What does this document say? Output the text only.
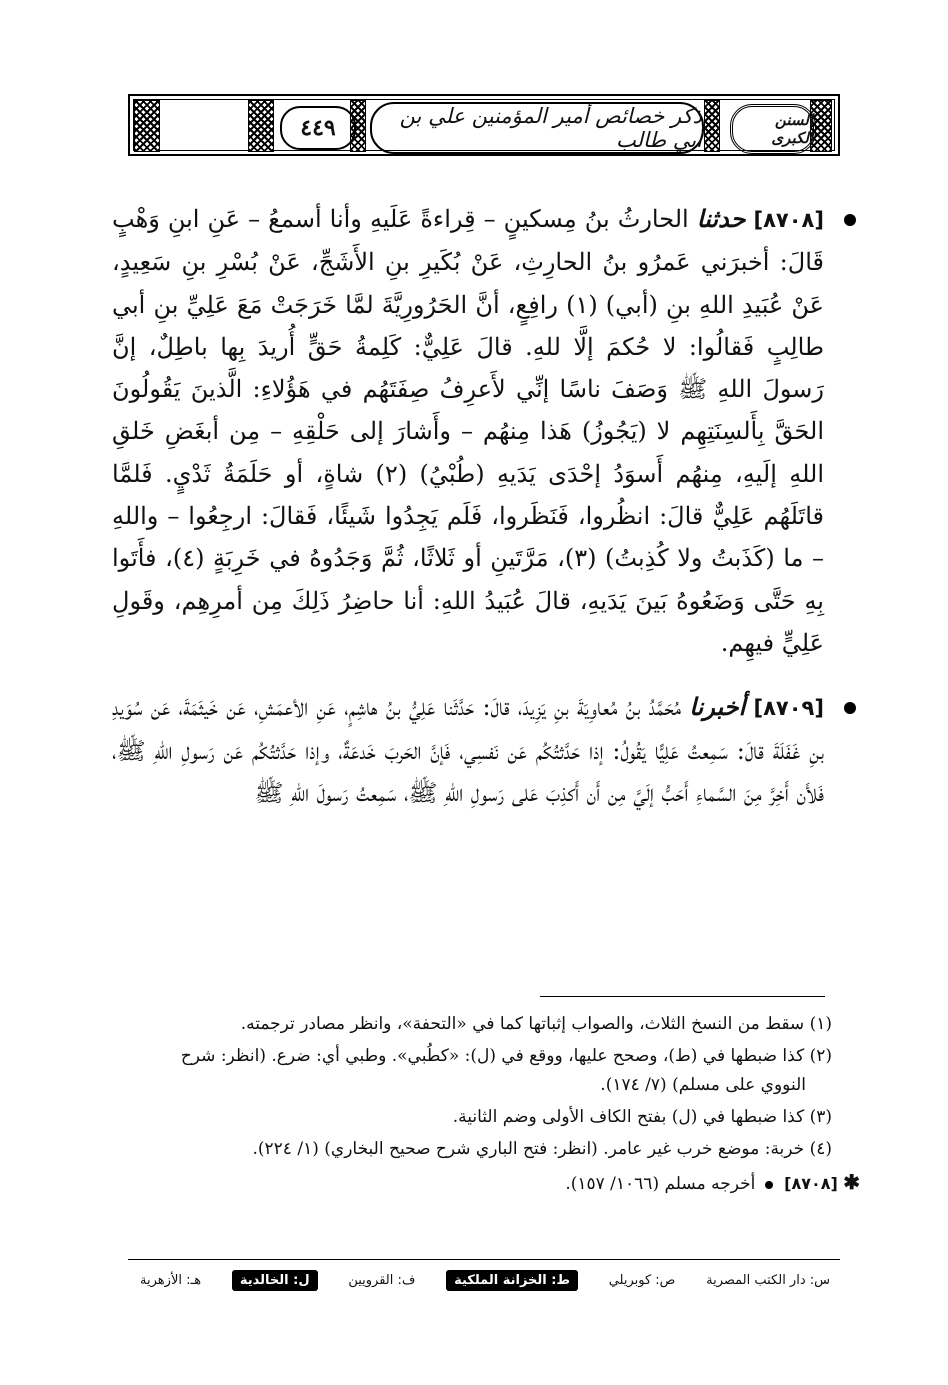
٤٤٩	ذكر خصائص أمير المؤمنين علي بن أبي طالب
السنن الكبرى

[٨٧٠٨] حدثنا الحارثُ بنُ مِسكينٍ – قِراءةً عَلَيهِ وأنا أسمعُ – عَنِ ابنِ وَهْبٍ قَالَ: أخبرَني عَمرُو بنُ الحارِثِ، عَنْ بُكَيرِ بنِ الأَشَجِّ، عَنْ بُسْرِ بنِ سَعِيدٍ، عَنْ عُبَيدِ اللهِ بنِ (أبي) (١) رافِعٍ، أنَّ الحَرُورِيَّةَ لمَّا خَرَجَتْ مَعَ عَلِيِّ بنِ أبي طالِبٍ فَقالُوا: لا حُكمَ إلَّا للهِ. قالَ عَلِيٌّ: كَلِمةُ حَقٍّ أُريدَ بِها باطِلٌ، إنَّ رَسولَ اللهِ ﷺ وَصَفَ ناسًا إنِّي لأَعرِفُ صِفَتَهُم في هَؤُلاءِ: الَّذينَ يَقُولُونَ الحَقَّ بِأَلسِنَتِهِم لا (يَجُوزُ) هَذا مِنهُم – وأَشارَ إلى حَلْقِهِ – مِن أبغَضِ خَلقِ اللهِ إلَيهِ، مِنهُم أَسوَدُ إحْدَى يَدَيهِ (طُبْيُ) (٢) شاةٍ، أو حَلَمَةُ ثَدْيٍ. فَلمَّا قاتَلَهُم عَلِيٌّ قالَ: انظُروا، فَنَظَروا، فَلَم يَجِدُوا شَيئًا، فَقالَ: ارجِعُوا – واللهِ – ما (كَذَبتُ ولا كُذِبتُ) (٣)، مَرَّتَينِ أو ثَلاثًا، ثُمَّ وَجَدُوهُ في خَرِبَةٍ (٤)، فأَتَوا بِهِ حَتَّى وَضَعُوهُ بَينَ يَدَيهِ، قالَ عُبَيدُ اللهِ: أنا حاضِرُ ذَلِكَ مِن أمرِهِم، وقَولِ عَلِيٍّ فيهِم.

[٨٧٠٩] أخبرنا مُحَمَّدُ بنُ مُعاوِيَةَ بنِ يَزِيدَ، قالَ: حَدَّثَنا عَلِيُّ بنُ هاشِمٍ، عَنِ الأعمَشِ، عَن خَيثَمَةَ، عَن سُوَيدِ بنِ غَفَلَةَ قالَ: سَمِعتُ عَلِيًّا يَقُولُ: إذا حَدَّثتُكُم عَن نَفسِي، فَإنَّ الحَربَ خَدعَةٌ، وإذا حَدَّثتُكُم عَن رَسولِ اللهِ ﷺ، فَلأَن أَخِرَّ مِنَ السَّماءِ أَحَبُّ إلَيَّ مِن أَن أَكذِبَ عَلى رَسولِ اللهِ ﷺ، سَمِعتُ رَسولَ اللهِ ﷺ

(١) سقط من النسخ الثلاث، والصواب إثباتها كما في «التحفة»، وانظر مصادر ترجمته.

(٢) كذا ضبطها في (ط)، وصحح عليها، ووقع في (ل): «كطُبي». وطبي أي: ضرع. (انظر: شرح
النووي على مسلم) (٧/ ١٧٤).

(٣) كذا ضبطها في (ل) بفتح الكاف الأولى وضم الثانية.

(٤) خربة: موضع خرب غير عامر. (انظر: فتح الباري شرح صحيح البخاري) (١/ ٢٢٤).

✱ [٨٧٠٨]  أخرجه مسلم (١٠٦٦/ ١٥٧).
س: دار الكتب المصرية
ص: كوبريلي
ط: الخزانة الملكية
ف: القرويين
ل: الخالدية
هـ: الأزهرية
